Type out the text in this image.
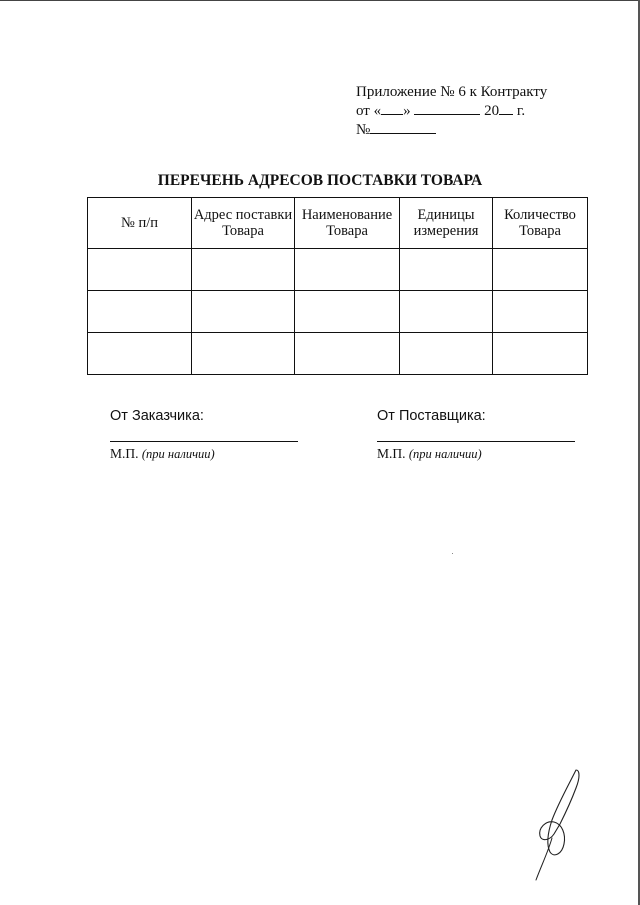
Приложение № 6 к Контракту
от « »	20 г.
№
ПЕРЕЧЕНЬ АДРЕСОВ ПОСТАВКИ ТОВАРА
№ п/п	Адрес поставки Товара	Наименование Товара	Единицы измерения	Количество Товара

От Заказчика:
М.П. (при наличии)
От Поставщика:
М.П. (при наличии)
